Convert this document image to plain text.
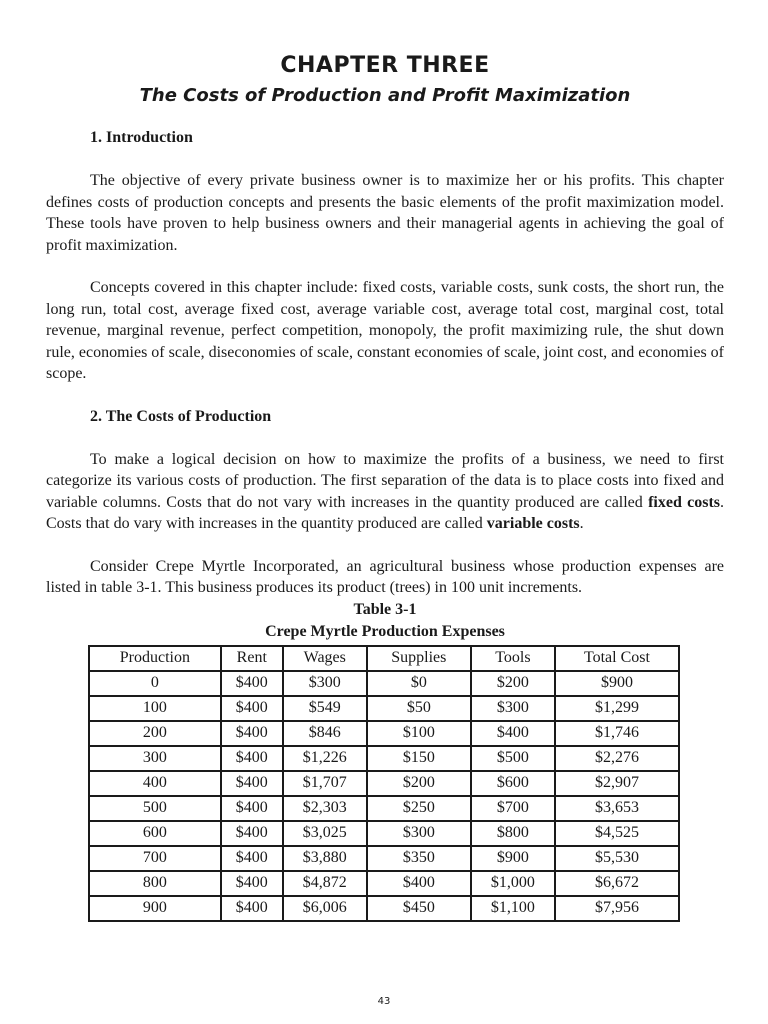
CHAPTER THREE
The Costs of Production and Profit Maximization
1. Introduction

The objective of every private business owner is to maximize her or his profits. This chapter defines costs of production concepts and presents the basic elements of the profit maximization model. These tools have proven to help business owners and their managerial agents in achieving the goal of profit maximization.

Concepts covered in this chapter include: fixed costs, variable costs, sunk costs, the short run, the long run, total cost, average fixed cost, average variable cost, average total cost, marginal cost, total revenue, marginal revenue, perfect competition, monopoly, the profit maximizing rule, the shut down rule, economies of scale, diseconomies of scale, constant economies of scale, joint cost, and economies of scope.

2. The Costs of Production

To make a logical decision on how to maximize the profits of a business, we need to first categorize its various costs of production. The first separation of the data is to place costs into fixed and variable columns. Costs that do not vary with increases in the quantity produced are called fixed costs. Costs that do vary with increases in the quantity produced are called variable costs.

Consider Crepe Myrtle Incorporated, an agricultural business whose production expenses are listed in table 3-1. This business produces its product (trees) in 100 unit increments.

Table 3-1
Crepe Myrtle Production Expenses
Production	Rent	Wages	Supplies	Tools	Total Cost
0	$400	$300	$0	$200	$900
100	$400	$549	$50	$300	$1,299
200	$400	$846	$100	$400	$1,746
300	$400	$1,226	$150	$500	$2,276
400	$400	$1,707	$200	$600	$2,907
500	$400	$2,303	$250	$700	$3,653
600	$400	$3,025	$300	$800	$4,525
700	$400	$3,880	$350	$900	$5,530
800	$400	$4,872	$400	$1,000	$6,672
900	$400	$6,006	$450	$1,100	$7,956
43
